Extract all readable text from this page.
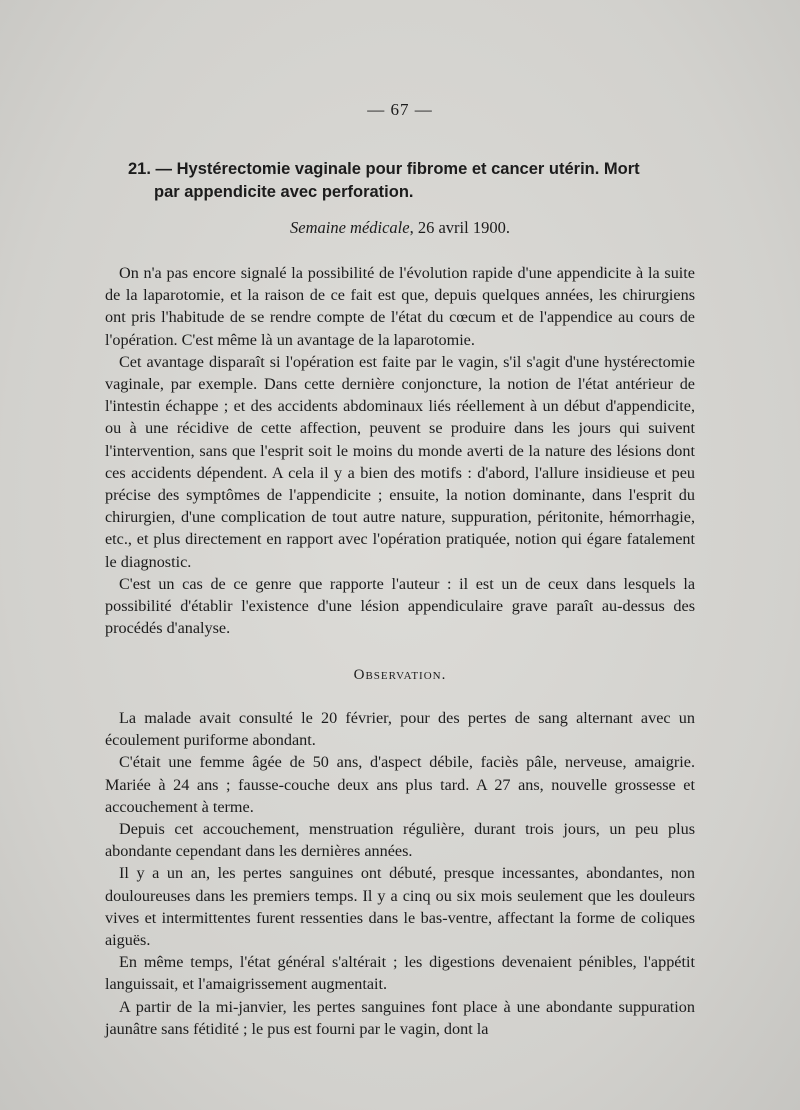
— 67 —
21. — Hystérectomie vaginale pour fibrome et cancer utérin. Mort
par appendicite avec perforation.
Semaine médicale, 26 avril 1900.

On n'a pas encore signalé la possibilité de l'évolution rapide d'une appendicite à la suite de la laparotomie, et la raison de ce fait est que, depuis quelques années, les chirurgiens ont pris l'habitude de se rendre compte de l'état du cœcum et de l'appendice au cours de l'opération. C'est même là un avantage de la laparotomie.

Cet avantage disparaît si l'opération est faite par le vagin, s'il s'agit d'une hystérectomie vaginale, par exemple. Dans cette dernière conjoncture, la notion de l'état antérieur de l'intestin échappe ; et des accidents abdominaux liés réellement à un début d'appendicite, ou à une récidive de cette affection, peuvent se produire dans les jours qui suivent l'intervention, sans que l'esprit soit le moins du monde averti de la nature des lésions dont ces accidents dépendent. A cela il y a bien des motifs : d'abord, l'allure insidieuse et peu précise des symptômes de l'appendicite ; ensuite, la notion dominante, dans l'esprit du chirurgien, d'une complication de tout autre nature, suppuration, péritonite, hémorrhagie, etc., et plus directement en rapport avec l'opération pratiquée, notion qui égare fatalement le diagnostic.

C'est un cas de ce genre que rapporte l'auteur : il est un de ceux dans lesquels la possibilité d'établir l'existence d'une lésion appendiculaire grave paraît au-dessus des procédés d'analyse.

Observation.

La malade avait consulté le 20 février, pour des pertes de sang alternant avec un écoulement puriforme abondant.

C'était une femme âgée de 50 ans, d'aspect débile, faciès pâle, nerveuse, amaigrie. Mariée à 24 ans ; fausse-couche deux ans plus tard. A 27 ans, nouvelle grossesse et accouchement à terme.

Depuis cet accouchement, menstruation régulière, durant trois jours, un peu plus abondante cependant dans les dernières années.

Il y a un an, les pertes sanguines ont débuté, presque incessantes, abondantes, non douloureuses dans les premiers temps. Il y a cinq ou six mois seulement que les douleurs vives et intermittentes furent ressenties dans le bas-ventre, affectant la forme de coliques aiguës.

En même temps, l'état général s'altérait ; les digestions devenaient pénibles, l'appétit languissait, et l'amaigrissement augmentait.

A partir de la mi-janvier, les pertes sanguines font place à une abondante suppuration jaunâtre sans fétidité ; le pus est fourni par le vagin, dont la
